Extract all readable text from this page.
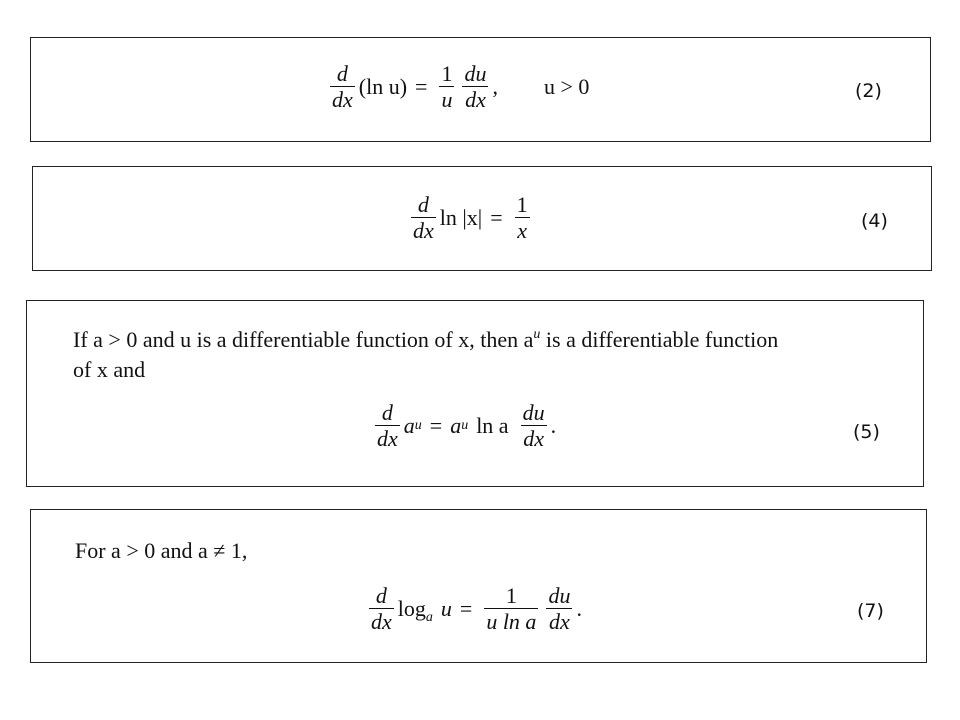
$\frac{d}{dx} (\ln$ $u) = \frac{1}{u} \frac{du}{dx}$ , u > 0	(2)
$\frac{d}{dx}$ $\ln |x| = \frac{1}{x}$	(4)
If a > 0 and u is a differentiable function of x, then $a^u$ is a differentiable function
of x and
$\frac{d}{dx}$ a u = a u ln a $\frac{du}{dx}$ .	(5)
For a > 0 and a ≠ 1,
$\frac{d}{dx} \log_a u = \frac{1}{\text{u ln a}} \frac{du}{dx}$ .	(7)
